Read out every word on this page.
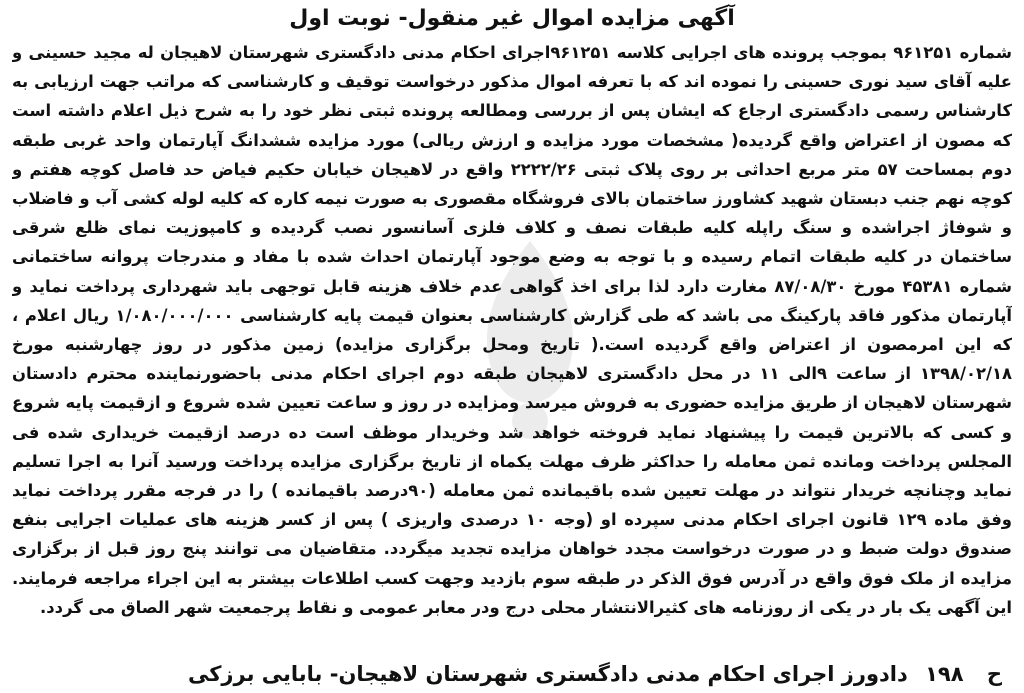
آگهی مزایده اموال غیر منقول- نوبت اول

شماره ۹۶۱۲۵۱ بموجب پرونده های اجرایی کلاسه ۹۶۱۲۵۱اجرای احکام مدنی دادگستری شهرستان لاهیجان له مجید حسینی و علیه آقای سید نوری حسینی را نموده اند که با تعرفه اموال مذکور درخواست توقیف و کارشناسی که مراتب جهت ارزیابی به کارشناس رسمی دادگستری ارجاع که ایشان پس از بررسی ومطالعه پرونده ثبتی نظر خود را به شرح ذیل اعلام داشته است که مصون از اعتراض واقع گردیده( مشخصات مورد مزایده و ارزش ریالی) مورد مزایده ششدانگ آپارتمان واحد غربی طبقه دوم بمساحت ۵۷ متر مربع احداثی بر روی پلاک ثبتی ۲۲۲۲/۲۶ واقع در لاهیجان خیابان حکیم فیاض حد فاصل کوچه هفتم و کوچه نهم جنب دبستان شهید کشاورز ساختمان بالای فروشگاه مقصوری به صورت نیمه کاره که کلیه لوله کشی آب و فاضلاب و شوفاژ اجراشده و سنگ راپله کلیه طبقات نصف و کلاف فلزی آسانسور نصب گردیده و کامپوزیت نمای ظلع شرقی ساختمان در کلیه طبقات اتمام رسیده و با توجه به وضع موجود آپارتمان احداث شده با مفاد و مندرجات پروانه ساختمانی شماره ۴۵۳۸۱ مورخ ۸۷/۰۸/۳۰ مغارت دارد لذا برای اخذ گواهی عدم خلاف هزینه قابل توجهی باید شهرداری پرداخت نماید و آپارتمان مذکور فاقد پارکینگ می باشد که طی گزارش کارشناسی بعنوان قیمت پایه کارشناسی ۱/۰۸۰/۰۰۰/۰۰۰ ریال اعلام ، که این امرمصون از اعتراض واقع گردیده است.( تاریخ ومحل برگزاری مزایده) زمین مذکور در روز چهارشنبه مورخ ۱۳۹۸/۰۲/۱۸ از ساعت ۹الی ۱۱ در محل دادگستری لاهیجان طبقه دوم اجرای احکام مدنی باحضورنماینده محترم دادستان شهرستان لاهیجان از طریق مزایده حضوری به فروش میرسد ومزایده در روز و ساعت تعیین شده شروع و ازقیمت پایه شروع و کسی که بالاترین قیمت را پیشنهاد نماید فروخته خواهد شد وخریدار موظف است ده درصد ازقیمت خریداری شده فی المجلس پرداخت ومانده ثمن معامله را حداکثر ظرف مهلت یکماه از تاریخ برگزاری مزایده پرداخت ورسید آنرا به اجرا تسلیم نماید وچنانچه خریدار نتواند در مهلت تعیین شده باقیمانده ثمن معامله (۹۰درصد باقیمانده ) را در فرجه مقرر پرداخت نماید وفق ماده ۱۲۹ قانون اجرای احکام مدنی سپرده او (وجه ۱۰ درصدی واریزی ) پس از کسر هزینه های عملیات اجرایی بنفع صندوق دولت ضبط و در صورت درخواست مجدد خواهان مزایده تجدید میگردد. متقاضیان می توانند پنج روز قبل از برگزاری مزایده از ملک فوق واقع در آدرس فوق الذکر در طبقه سوم بازدید وجهت کسب اطلاعات بیشتر به این اجراء مراجعه فرمایند. این آگهی یک بار در یکی از روزنامه های کثیرالانتشار محلی درج ودر معابر عمومی و نقاط پرجمعیت شهر الصاق می گردد.

ح ۱۹۸ دادورز اجرای احکام مدنی دادگستری شهرستان لاهیجان- بابایی برزکی
